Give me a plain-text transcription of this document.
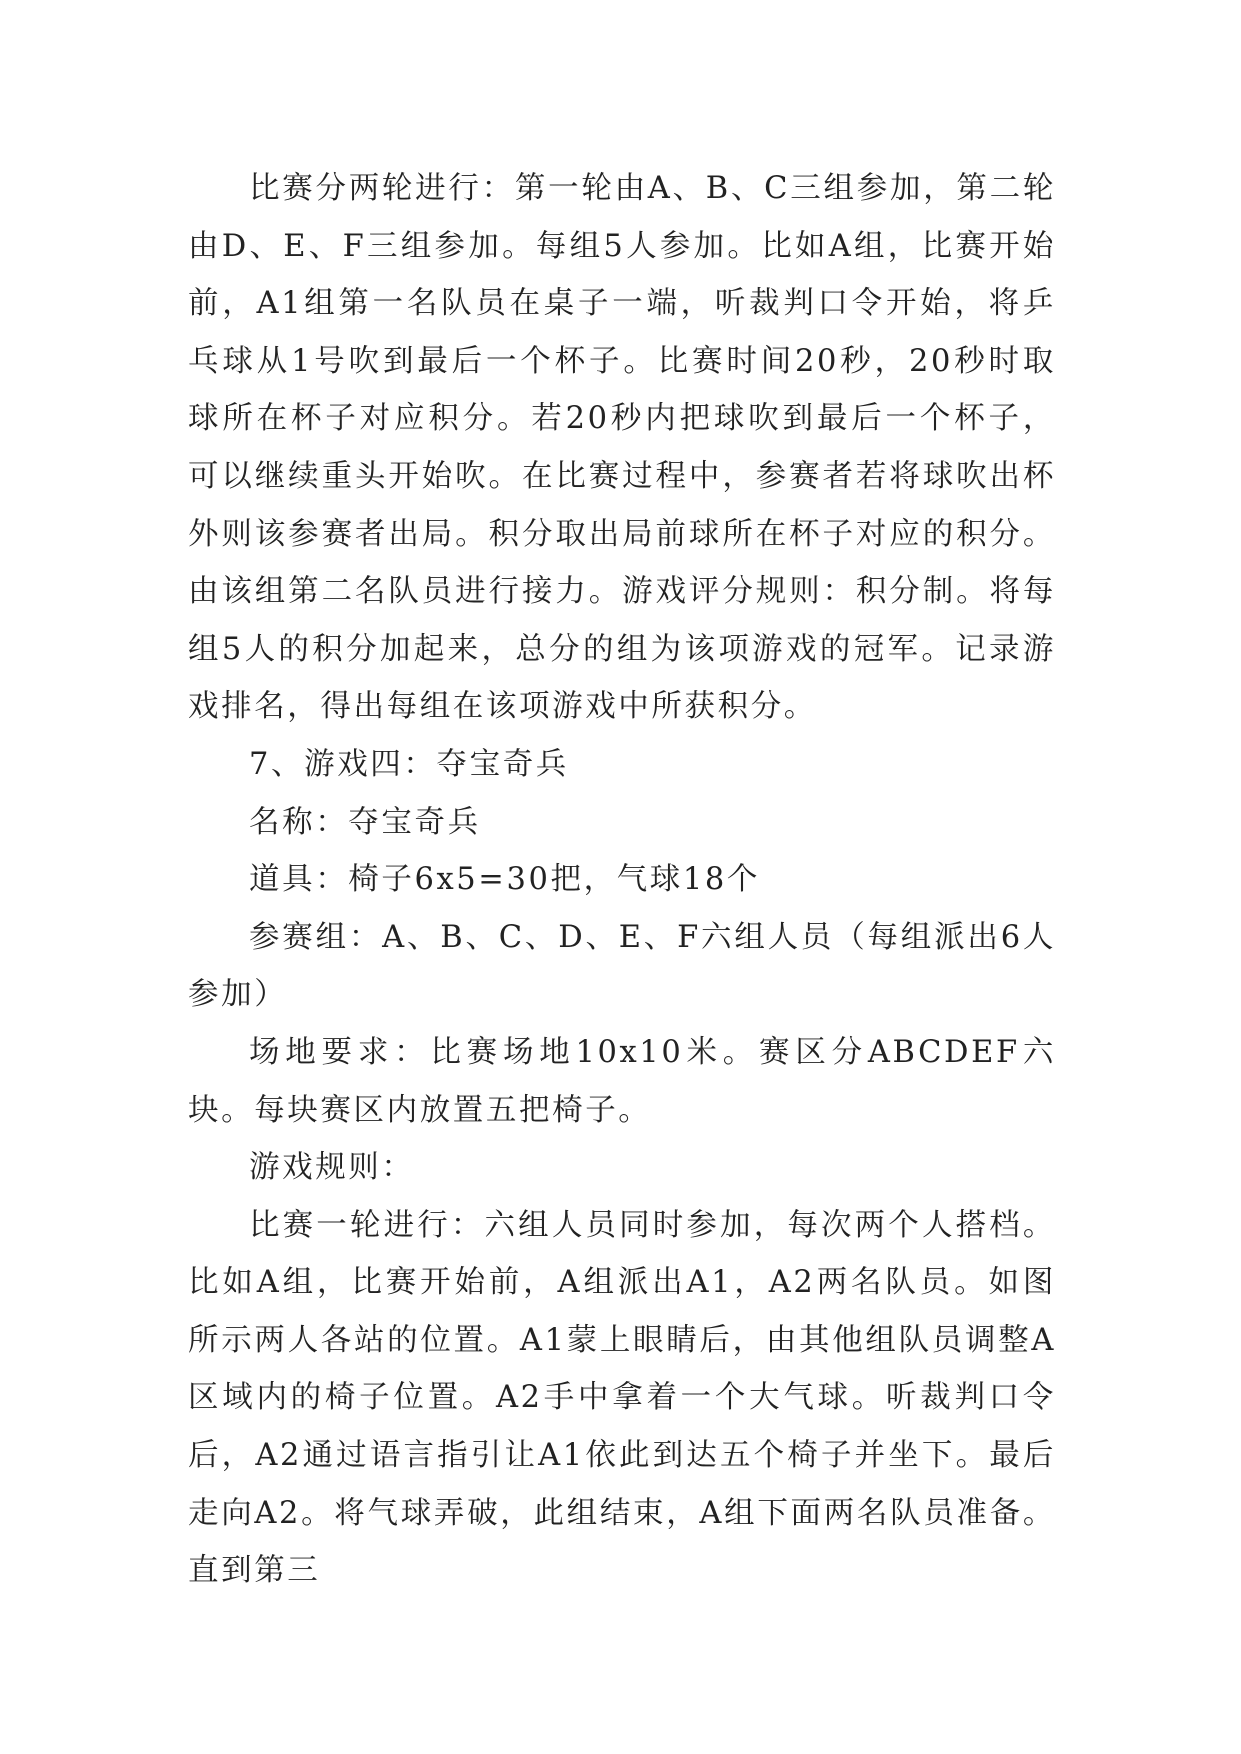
比赛分两轮进行：第一轮由A、B、C三组参加，第二轮由D、E、F三组参加。每组5人参加。比如A组，比赛开始前，A1组第一名队员在桌子一端，听裁判口令开始，将乒乓球从1号吹到最后一个杯子。比赛时间20秒，20秒时取球所在杯子对应积分。若20秒内把球吹到最后一个杯子，可以继续重头开始吹。在比赛过程中，参赛者若将球吹出杯外则该参赛者出局。积分取出局前球所在杯子对应的积分。由该组第二名队员进行接力。游戏评分规则：积分制。将每组5人的积分加起来，总分的组为该项游戏的冠军。记录游戏排名，得出每组在该项游戏中所获积分。

7、游戏四：夺宝奇兵

名称：夺宝奇兵

道具：椅子6x5=30把，气球18个

参赛组：A、B、C、D、E、F六组人员（每组派出6人参加）

场地要求：比赛场地10x10米。赛区分ABCDEF六块。每块赛区内放置五把椅子。

游戏规则：

比赛一轮进行：六组人员同时参加，每次两个人搭档。比如A组，比赛开始前，A组派出A1，A2两名队员。如图所示两人各站的位置。A1蒙上眼睛后，由其他组队员调整A区域内的椅子位置。A2手中拿着一个大气球。听裁判口令后，A2通过语言指引让A1依此到达五个椅子并坐下。最后走向A2。将气球弄破，此组结束，A组下面两名队员准备。直到第三
